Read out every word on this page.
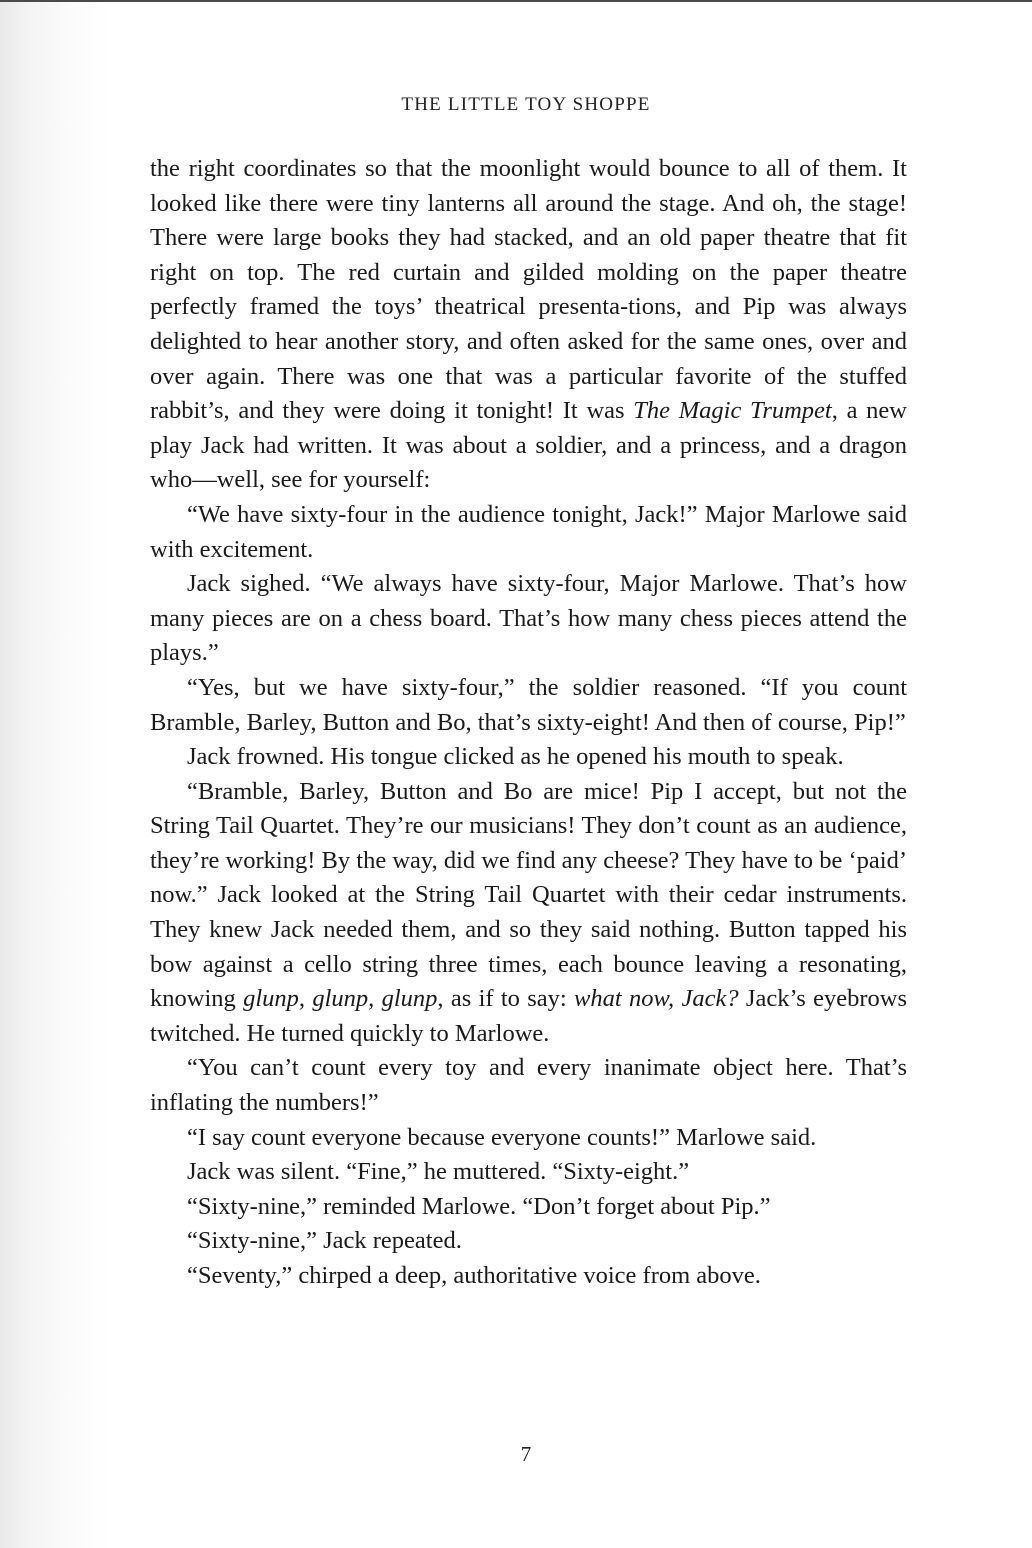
THE LITTLE TOY SHOPPE

the right coordinates so that the moonlight would bounce to all of them. It looked like there were tiny lanterns all around the stage. And oh, the stage! There were large books they had stacked, and an old paper theatre that fit right on top. The red curtain and gilded molding on the paper theatre perfectly framed the toys’ theatrical presenta-tions, and Pip was always delighted to hear another story, and often asked for the same ones, over and over again. There was one that was a particular favorite of the stuffed rabbit’s, and they were doing it tonight! It was The Magic Trumpet, a new play Jack had written. It was about a soldier, and a princess, and a dragon who—well, see for yourself:

“We have sixty-four in the audience tonight, Jack!” Major Marlowe said with excitement.

Jack sighed. “We always have sixty-four, Major Marlowe. That’s how many pieces are on a chess board. That’s how many chess pieces attend the plays.”

“Yes, but we have sixty-four,” the soldier reasoned. “If you count Bramble, Barley, Button and Bo, that’s sixty-eight! And then of course, Pip!”

Jack frowned. His tongue clicked as he opened his mouth to speak.

“Bramble, Barley, Button and Bo are mice! Pip I accept, but not the String Tail Quartet. They’re our musicians! They don’t count as an audience, they’re working! By the way, did we find any cheese? They have to be ‘paid’ now.” Jack looked at the String Tail Quartet with their cedar instruments. They knew Jack needed them, and so they said nothing. Button tapped his bow against a cello string three times, each bounce leaving a resonating, knowing glunp, glunp, glunp, as if to say: what now, Jack? Jack’s eyebrows twitched. He turned quickly to Marlowe.

“You can’t count every toy and every inanimate object here. That’s inflating the numbers!”

“I say count everyone because everyone counts!” Marlowe said.

Jack was silent. “Fine,” he muttered. “Sixty-eight.”

“Sixty-nine,” reminded Marlowe. “Don’t forget about Pip.”

“Sixty-nine,” Jack repeated.

“Seventy,” chirped a deep, authoritative voice from above.

7
